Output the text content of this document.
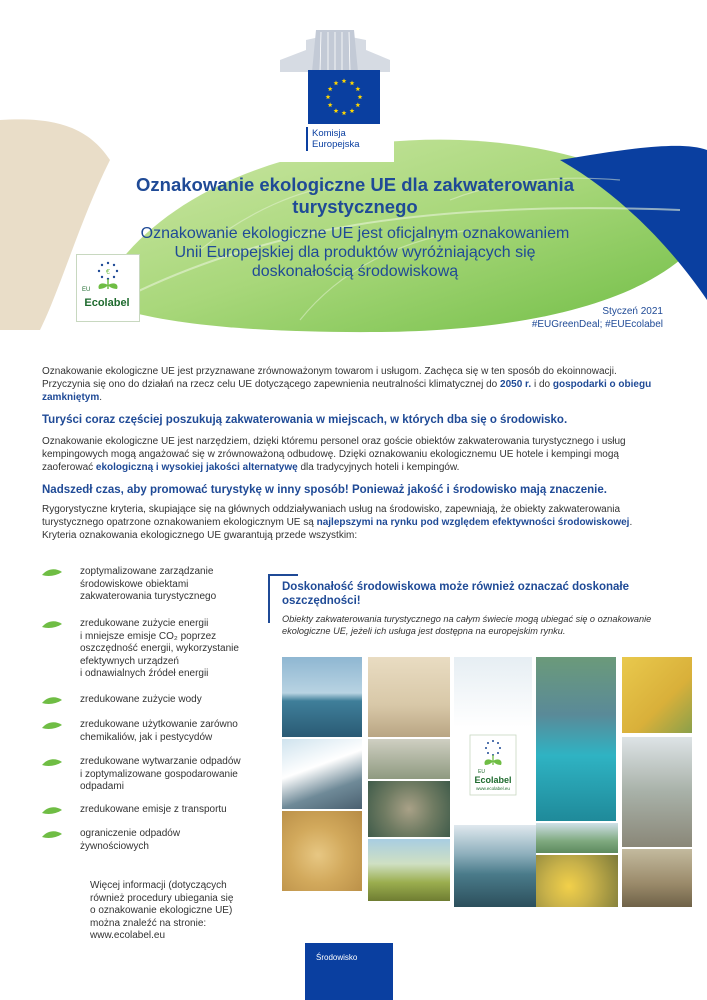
Komisja
Europejska
Oznakowanie ekologiczne UE dla zakwaterowania turystycznego
Oznakowanie ekologiczne UE jest oficjalnym oznakowaniem Unii Europejskiej dla produktów wyróżniających się doskonałością środowiskową
€
EU
Ecolabel
Styczeń 2021
#EUGreenDeal; #EUEcolabel
Oznakowanie ekologiczne UE jest przyznawane zrównoważonym towarom i usługom. Zachęca się w ten sposób do ekoinnowacji. Przyczynia się ono do działań na rzecz celu UE dotyczącego zapewnienia neutralności klimatycznej do 2050 r. i do gospodarki o obiegu zamkniętym.
Turyści coraz częściej poszukują zakwaterowania w miejscach, w których dba się o środowisko.
Oznakowanie ekologiczne UE jest narzędziem, dzięki któremu personel oraz goście obiektów zakwaterowania turystycznego i usług kempingowych mogą angażować się w zrównoważoną odbudowę. Dzięki oznakowaniu ekologicznemu UE hotele i kempingi mogą zaoferować ekologiczną i wysokiej jakości alternatywę dla tradycyjnych hoteli i kempingów.
Nadszedł czas, aby promować turystykę w inny sposób! Ponieważ jakość i środowisko mają znaczenie.
Rygorystyczne kryteria, skupiające się na głównych oddziaływaniach usług na środowisko, zapewniają, że obiekty zakwaterowania turystycznego opatrzone oznakowaniem ekologicznym UE są najlepszymi na rynku pod względem efektywności środowiskowej. Kryteria oznakowania ekologicznego UE gwarantują przede wszystkim:
zoptymalizowane zarządzanie
środowiskowe obiektami
zakwaterowania turystycznego
zredukowane zużycie energii
i mniejsze emisje CO₂ poprzez
oszczędność energii, wykorzystanie
efektywnych urządzeń
i odnawialnych źródeł energii
zredukowane zużycie wody
zredukowane użytkowanie zarówno
chemikaliów, jak i pestycydów
zredukowane wytwarzanie odpadów
i zoptymalizowane gospodarowanie
odpadami
zredukowane emisje z transportu
ograniczenie odpadów
żywnościowych
Więcej informacji (dotyczących
również procedury ubiegania się
o oznakowanie ekologiczne UE)
można znaleźć na stronie:
www.ecolabel.eu
Doskonałość środowiskowa może również oznaczać doskonałe oszczędności!
Obiekty zakwaterowania turystycznego na całym świecie mogą ubiegać się o oznakowanie ekologiczne UE, jeżeli ich usługa jest dostępna na europejskim rynku.
EU
Ecolabel
www.ecolabel.eu
Środowisko
